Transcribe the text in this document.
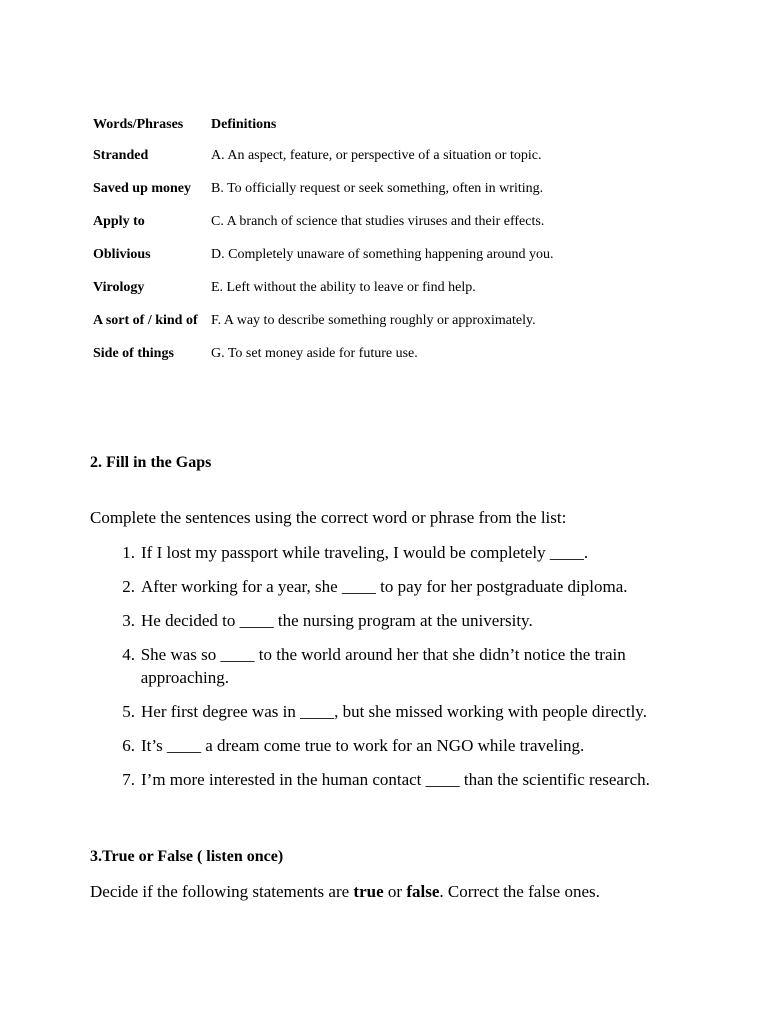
Words/Phrases	Definitions
Stranded	A. An aspect, feature, or perspective of a situation or topic.
Saved up money	B. To officially request or seek something, often in writing.
Apply to	C. A branch of science that studies viruses and their effects.
Oblivious	D. Completely unaware of something happening around you.
Virology	E. Left without the ability to leave or find help.
A sort of / kind of	F. A way to describe something roughly or approximately.
Side of things	G. To set money aside for future use.
2. Fill in the Gaps

Complete the sentences using the correct word or phrase from the list:

1. If I lost my passport while traveling, I would be completely ____.
2. After working for a year, she ____ to pay for her postgraduate diploma.
3. He decided to ____ the nursing program at the university.
4. She was so ____ to the world around her that she didn’t notice the train approaching.
5. Her first degree was in ____, but she missed working with people directly.
6. It’s ____ a dream come true to work for an NGO while traveling.
7. I’m more interested in the human contact ____ than the scientific research.
3.True or False ( listen once)

Decide if the following statements are true or false. Correct the false ones.
